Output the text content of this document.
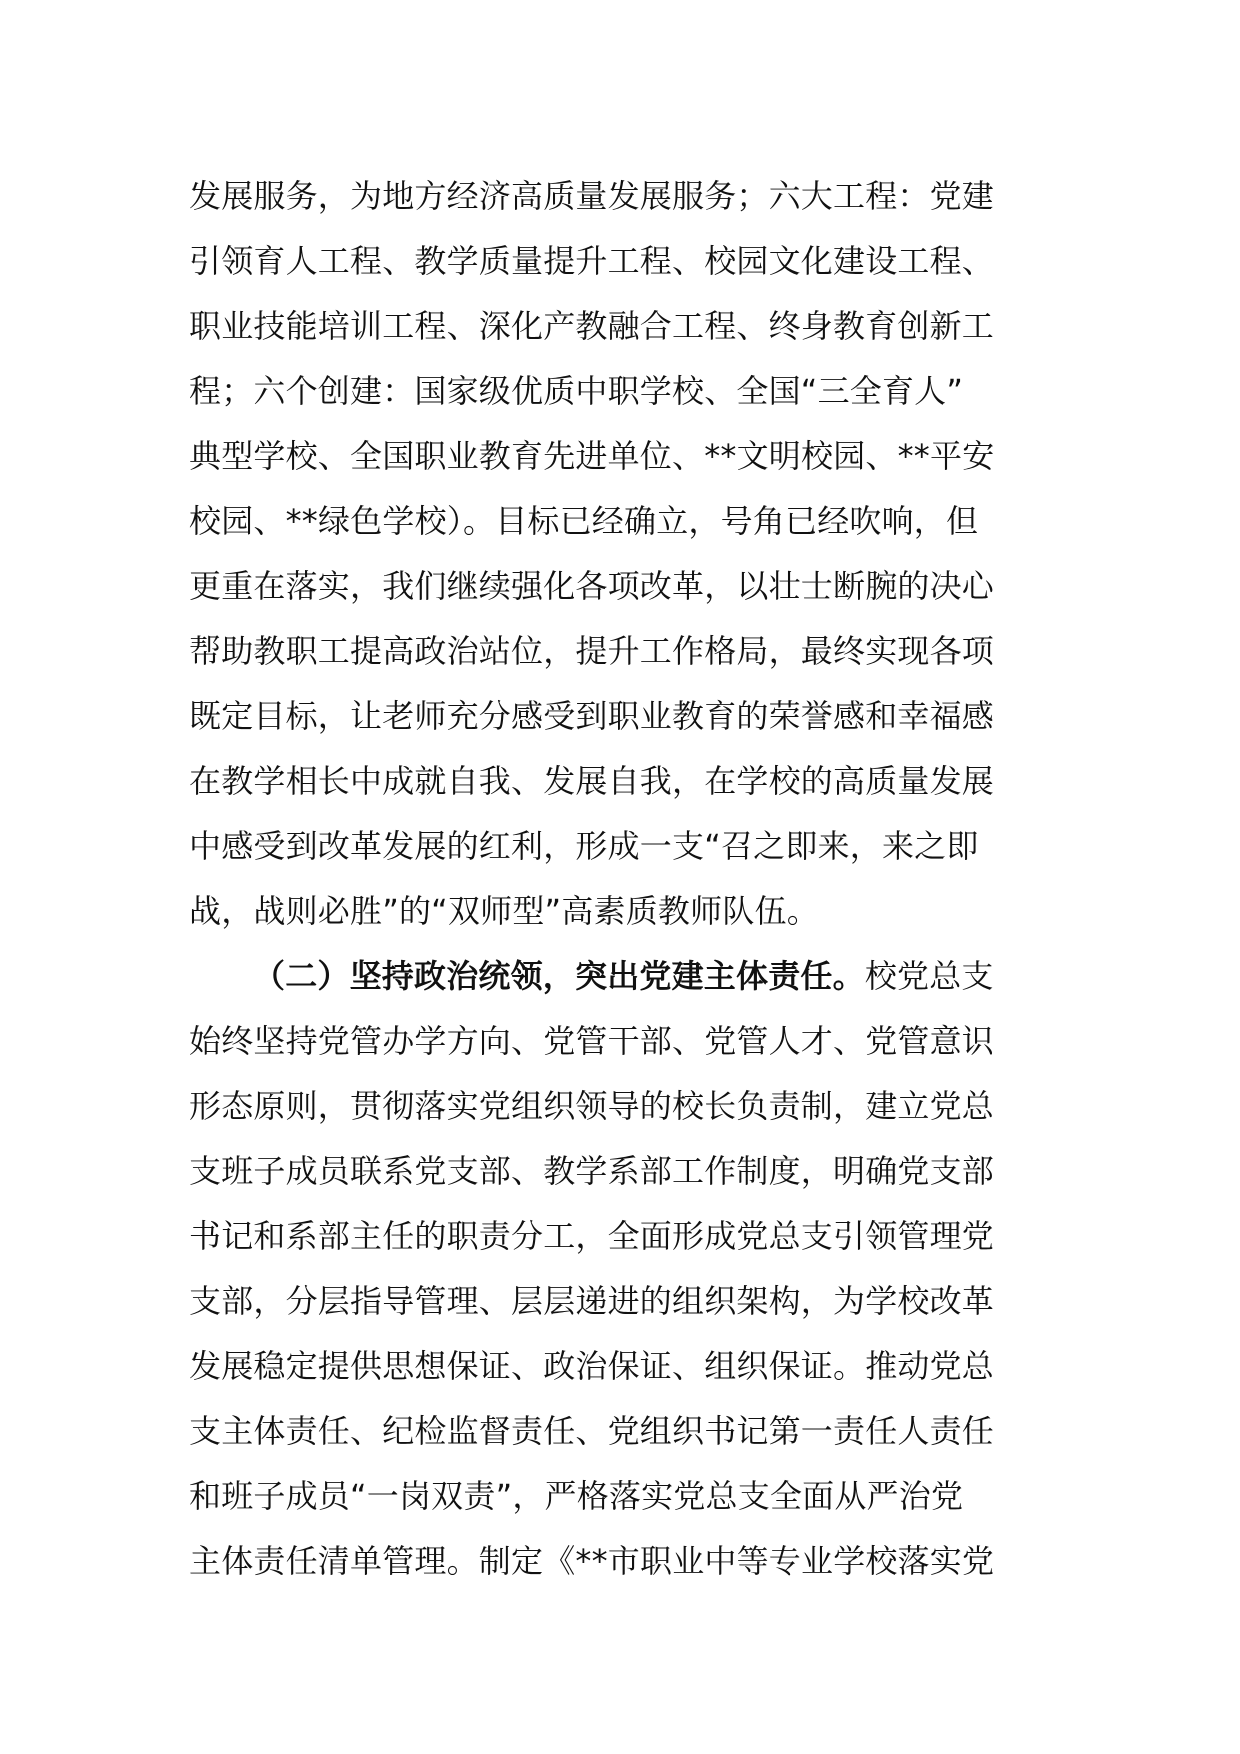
发展服务，为地方经济高质量发展服务；六大工程：党建
引领育人工程、教学质量提升工程、校园文化建设工程、
职业技能培训工程、深化产教融合工程、终身教育创新工
程；六个创建：国家级优质中职学校、全国“三全育人”
典型学校、全国职业教育先进单位、**文明校园、**平安
校园、**绿色学校）。目标已经确立，号角已经吹响，但
更重在落实，我们继续强化各项改革，以壮士断腕的决心
帮助教职工提高政治站位，提升工作格局，最终实现各项
既定目标，让老师充分感受到职业教育的荣誉感和幸福感
在教学相长中成就自我、发展自我，在学校的高质量发展
中感受到改革发展的红利，形成一支“召之即来，来之即
战，战则必胜”的“双师型”高素质教师队伍。
（二）坚持政治统领，突出党建主体责任。校党总支
始终坚持党管办学方向、党管干部、党管人才、党管意识
形态原则，贯彻落实党组织领导的校长负责制，建立党总
支班子成员联系党支部、教学系部工作制度，明确党支部
书记和系部主任的职责分工，全面形成党总支引领管理党
支部，分层指导管理、层层递进的组织架构，为学校改革
发展稳定提供思想保证、政治保证、组织保证。推动党总
支主体责任、纪检监督责任、党组织书记第一责任人责任
和班子成员“一岗双责”，严格落实党总支全面从严治党
主体责任清单管理。制定《**市职业中等专业学校落实党
